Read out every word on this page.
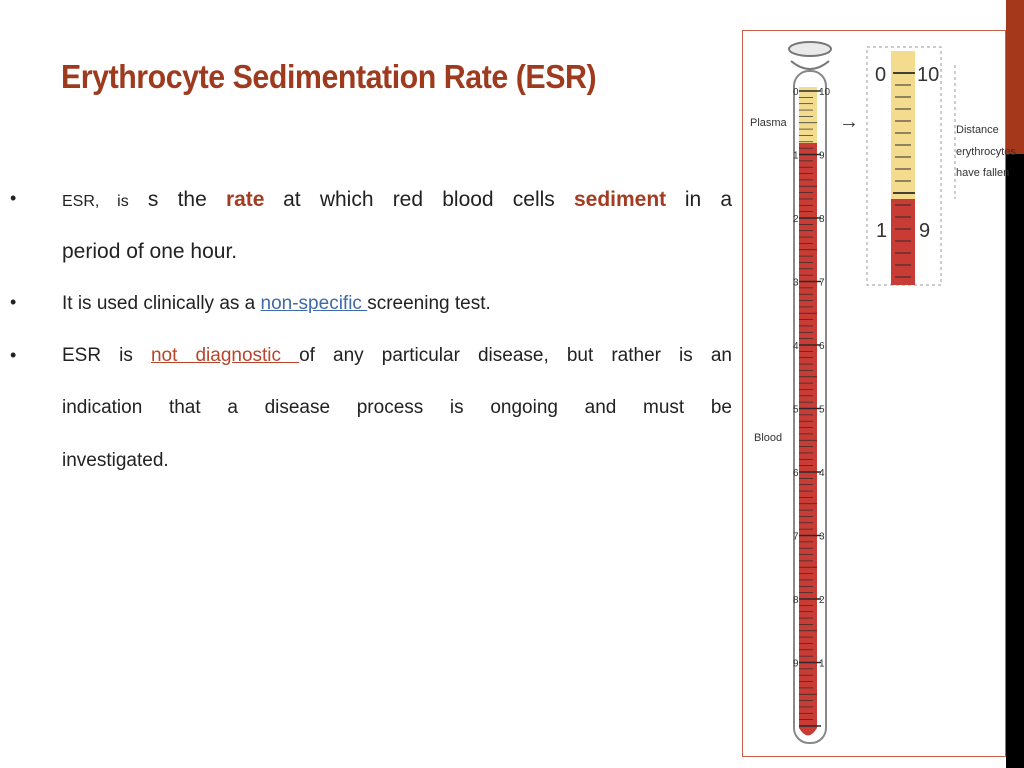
Erythrocyte Sedimentation Rate (ESR)
•	ESR, is s the rate at which red blood cells sediment in a
period of one hour.
• It is used clinically as a non-specific screening test.
• ESR is not diagnostic of any particular disease, but rather is an
indication that a disease process is ongoing and must be
investigated.
0
1
2
3
4
5
6
7
8
9
10
9
8
7
6
5
4
3
2
1
Plasma
Blood
→
0 10
1 9
Distance
erythrocytes
have fallen
